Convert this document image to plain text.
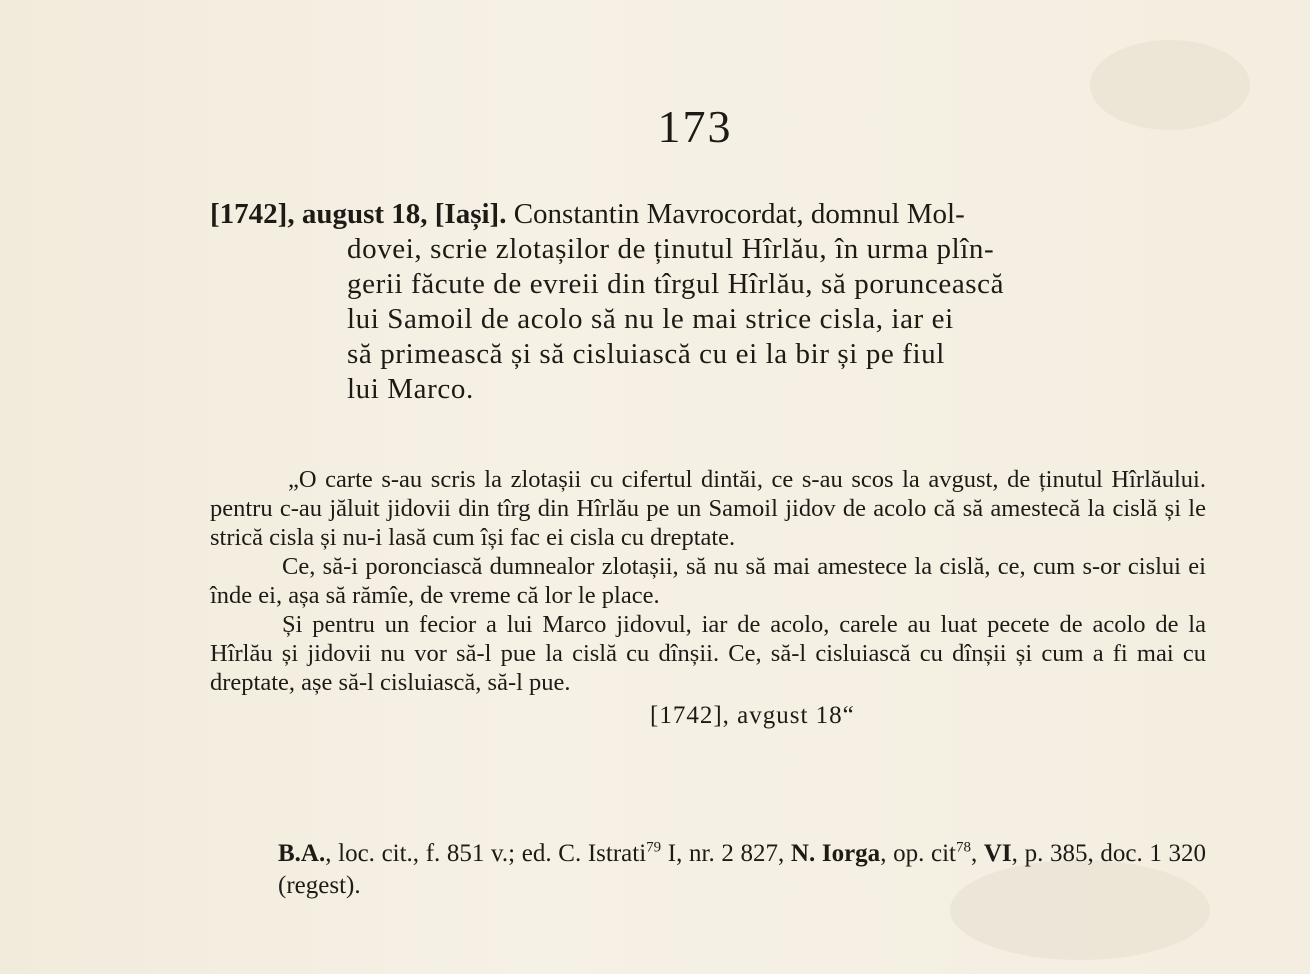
173
[1742], august 18, [Iași]. Constantin Mavrocordat, domnul Mol-
dovei, scrie zlotașilor de ținutul Hîrlău, în urma plîn-
gerii făcute de evreii din tîrgul Hîrlău, să poruncească
lui Samoil de acolo să nu le mai strice cisla, iar ei
să primească și să cisluiască cu ei la bir și pe fiul
lui Marco.

„O carte s-au scris la zlotașii cu cifertul dintăi, ce s-au scos la avgust, de ținutul Hîrlăului. pentru c-au jăluit jidovii din tîrg din Hîrlău pe un Samoil jidov de acolo că să amestecă la cislă și le strică cisla și nu-i lasă cum își fac ei cisla cu dreptate.

Ce, să-i poronciască dumnealor zlotașii, să nu să mai amestece la cislă, ce, cum s-or cislui ei înde ei, așa să rămîe, de vreme că lor le place.

Și pentru un fecior a lui Marco jidovul, iar de acolo, carele au luat pecete de acolo de la Hîrlău și jidovii nu vor să-l pue la cislă cu dînșii. Ce, să-l cisluiască cu dînșii și cum a fi mai cu dreptate, așe să-l cisluiască, să-l pue.

[1742], avgust 18“
B.A., loc. cit., f. 851 v.; ed. C. Istrati$^{79}$ I, nr. 2 827, N. Iorga, op. cit$^{78}$, VI, p. 385, doc. 1 320 (regest).
